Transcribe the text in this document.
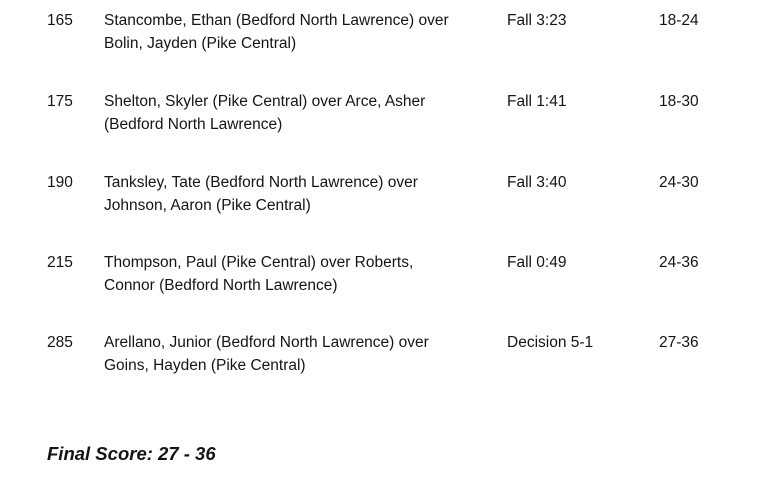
165 Stancombe, Ethan (Bedford North Lawrence) over
Bolin, Jayden (Pike Central)
Fall 3:23	18-24
175 Shelton, Skyler (Pike Central) over Arce, Asher
(Bedford North Lawrence)
Fall 1:41	18-30
190 Tanksley, Tate (Bedford North Lawrence) over
Johnson, Aaron (Pike Central)
Fall 3:40	24-30
215 Thompson, Paul (Pike Central) over Roberts,
Connor (Bedford North Lawrence)
Fall 0:49	24-36
285 Arellano, Junior (Bedford North Lawrence) over
Goins, Hayden (Pike Central)
Decision 5-1	27-36
Final Score: 27 - 36
